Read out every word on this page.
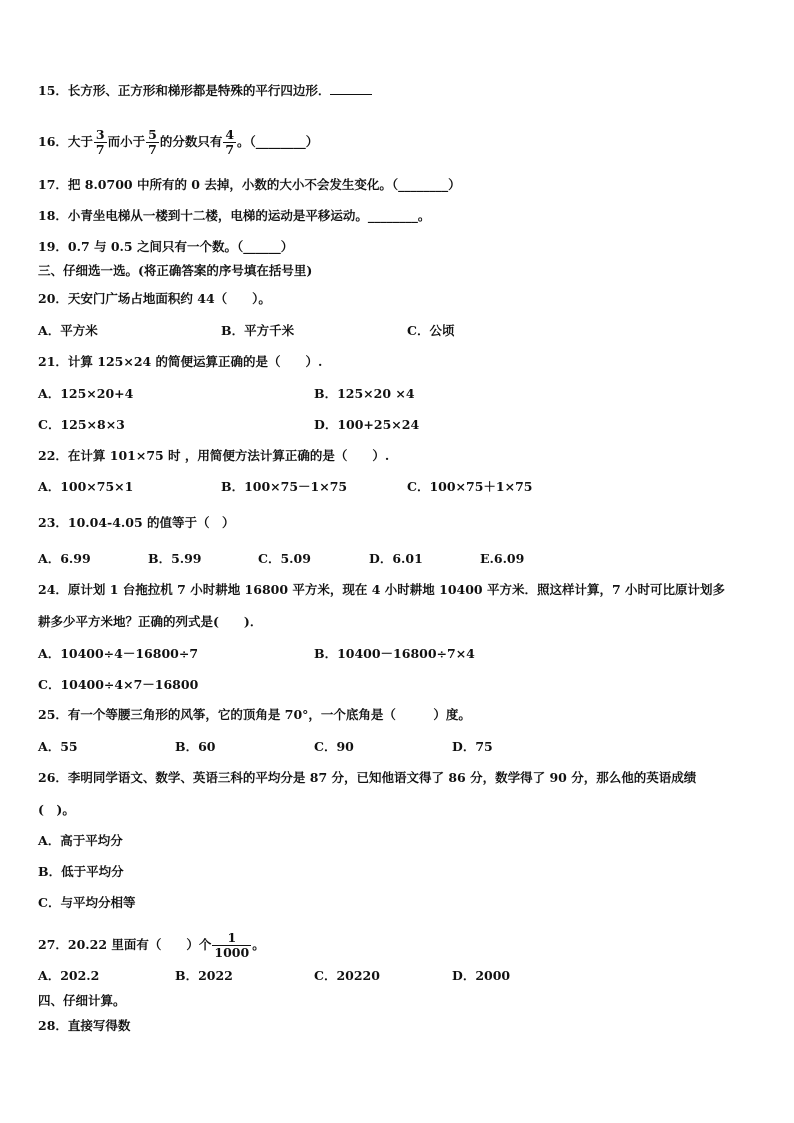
15．长方形、正方形和梯形都是特殊的平行四边形．
16．大于 $\frac{3}{7}$ 而小于 $\frac{5}{7}$ 的分数只有 $\frac{4}{7}$ 。（________）
17．把 8.0700 中所有的 0 去掉，小数的大小不会发生变化。（________）
18．小青坐电梯从一楼到十二楼，电梯的运动是平移运动。________。
19．0.7 与 0.5 之间只有一个数。（______）
三、仔细选一选。(将正确答案的序号填在括号里)
20．天安门广场占地面积约 44（　　）。
A．平方米	B．平方千米	C．公顷
21．计算 125×24 的简便运算正确的是（　　）.
A．125×20+4	B．125×20 ×4
C．125×8×3	D．100+25×24
22．在计算 101×75 时 ，用简便方法计算正确的是（　　）.
A．100×75×1	B．100×75－1×75	C．100×75＋1×75
23．10.04-4.05 的值等于（　）
A．6.99	B．5.99	C．5.09	D．6.01	E.6.09
24．原计划 1 台拖拉机 7 小时耕地 16800 平方米，现在 4 小时耕地 10400 平方米．照这样计算，7 小时可比原计划多
耕多少平方米地？正确的列式是(　　)．
A．10400÷4－16800÷7	B．10400－16800÷7×4
C．10400÷4×7－16800
25．有一个等腰三角形的风筝，它的顶角是 70°，一个底角是（　　　）度。
A．55	B．60	C．90	D．75
26．李明同学语文、数学、英语三科的平均分是 87 分，已知他语文得了 86 分，数学得了 90 分，那么他的英语成绩
(　)。
A．高于平均分
B．低于平均分
C．与平均分相等
27．20.22 里面有（　　）个 $\frac{1}{1000}$ 。
A．202.2	B．2022	C．20220	D．2000
四、仔细计算。
28．直接写得数
